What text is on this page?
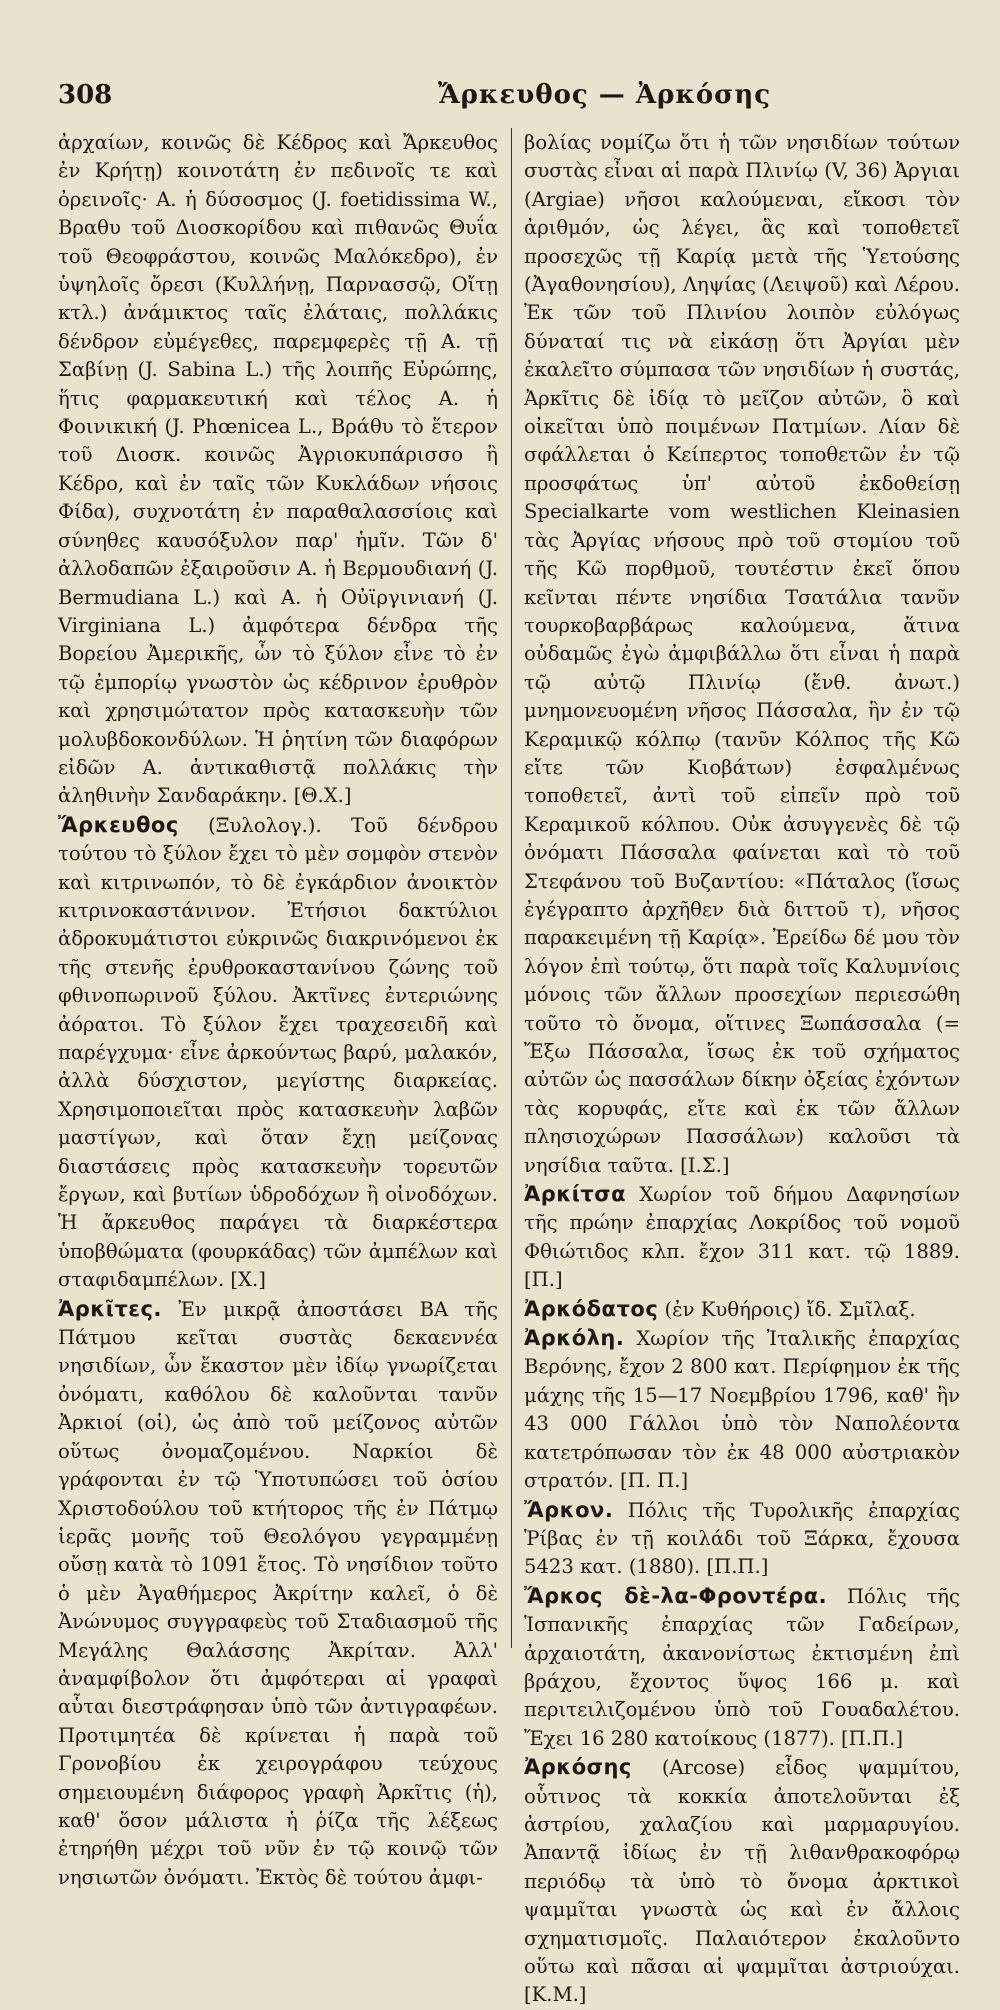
308	Ἄρκευθος — Ἀρκόσης

ἀρχαίων, κοινῶς δὲ Κέδρος καὶ Ἄρκευθος ἐν Κρήτῃ) κοινοτάτη ἐν πεδινοῖς τε καὶ ὀρεινοῖς· Α. ἡ δύσοσμος (J. foetidissima W., Βραθυ τοῦ Διοσκορίδου καὶ πιθανῶς Θυΐα τοῦ Θεοφράστου, κοινῶς Μαλόκεδρο), ἐν ὑψηλοῖς ὄρεσι (Κυλλήνῃ, Παρνασσῷ, Οἴτῃ κτλ.) ἀνάμικτος ταῖς ἐλάταις, πολλάκις δένδρον εὐμέγεθες, παρεμφερὲς τῇ Α. τῇ Σαβίνῃ (J. Sabina L.) τῆς λοιπῆς Εὐρώπης, ἥτις φαρμακευτική καὶ τέλος Α. ἡ Φοινικική (J. Phœnicea L., Βράθυ τὸ ἕτερον τοῦ Διοσκ. κοινῶς Ἀγριοκυπάρισσο ἢ Κέδρο, καὶ ἐν ταῖς τῶν Κυκλάδων νήσοις Φίδα), συχνοτάτη ἐν παραθαλασσίοις καὶ σύνηθες καυσόξυλον παρ' ἡμῖν. Τῶν δ' ἀλλοδαπῶν ἐξαιροῦσιν Α. ἡ Βερμουδιανή (J. Bermudiana L.) καὶ Α. ἡ Οὐϊργινιανή (J. Virginiana L.) ἀμφότερα δένδρα τῆς Βορείου Ἀμερικῆς, ὧν τὸ ξύλον εἶνε τὸ ἐν τῷ ἐμπορίῳ γνωστὸν ὡς κέδρινον ἐρυθρὸν καὶ χρησιμώτατον πρὸς κατασκευὴν τῶν μολυβδοκονδύλων. Ἡ ῥητίνη τῶν διαφόρων εἰδῶν Α. ἀντικαθιστᾷ πολλάκις τὴν ἀληθινὴν Σανδαράκην. [Θ.Χ.]

Ἄρκευθος (Ξυλολογ.). Τοῦ δένδρου τούτου τὸ ξύλον ἔχει τὸ μὲν σομφὸν στενὸν καὶ κιτρινωπόν, τὸ δὲ ἐγκάρδιον ἀνοικτὸν κιτρινοκαστάνινον. Ἐτήσιοι δακτύλιοι ἀδροκυμάτιστοι εὐκρινῶς διακρινόμενοι ἐκ τῆς στενῆς ἐρυθροκαστανίνου ζώνης τοῦ φθινοπωρινοῦ ξύλου. Ἀκτῖνες ἐντεριώνης ἀόρατοι. Τὸ ξύλον ἔχει τραχεσειδῆ καὶ παρέγχυμα· εἶνε ἀρκούντως βαρύ, μαλακόν, ἀλλὰ δύσχιστον, μεγίστης διαρκείας. Χρησιμοποιεῖται πρὸς κατασκευὴν λαβῶν μαστίγων, καὶ ὅταν ἔχῃ μείζονας διαστάσεις πρὸς κατασκευὴν τορευτῶν ἔργων, καὶ βυτίων ὑδροδόχων ἢ οἰνοδόχων. Ἡ ἄρκευθος παράγει τὰ διαρκέστερα ὑποβθώματα (φουρκάδας) τῶν ἀμπέλων καὶ σταφιδαμπέλων. [Χ.]

Ἀρκῖτες. Ἐν μικρᾷ ἀποστάσει ΒΑ τῆς Πάτμου κεῖται συστὰς δεκαεννέα νησιδίων, ὧν ἕκαστον μὲν ἰδίῳ γνωρίζεται ὀνόματι, καθόλου δὲ καλοῦνται τανῦν Ἀρκιοί (οἱ), ὡς ἀπὸ τοῦ μείζονος αὐτῶν οὕτως ὀνομαζομένου. Ναρκίοι δὲ γράφονται ἐν τῷ Ὑποτυπώσει τοῦ ὁσίου Χριστοδούλου τοῦ κτήτορος τῆς ἐν Πάτμῳ ἱερᾶς μονῆς τοῦ Θεολόγου γεγραμμένῃ οὔσῃ κατὰ τὸ 1091 ἔτος. Τὸ νησίδιον τοῦτο ὁ μὲν Ἀγαθήμερος Ἀκρίτην καλεῖ, ὁ δὲ Ἀνώνυμος συγγραφεὺς τοῦ Σταδιασμοῦ τῆς Μεγάλης Θαλάσσης Ἀκρίταν. Ἀλλ' ἀναμφίβολον ὅτι ἀμφότεραι αἱ γραφαὶ αὗται διεστράφησαν ὑπὸ τῶν ἀντιγραφέων. Προτιμητέα δὲ κρίνεται ἡ παρὰ τοῦ Γρονοβίου ἐκ χειρογράφου τεύχους σημειουμένη διάφορος γραφὴ Ἀρκῖτις (ἡ), καθ' ὅσον μάλιστα ἡ ῥίζα τῆς λέξεως ἐτηρήθη μέχρι τοῦ νῦν ἐν τῷ κοινῷ τῶν νησιωτῶν ὀνόματι. Ἐκτὸς δὲ τούτου ἀμφι-

βολίας νομίζω ὅτι ἡ τῶν νησιδίων τούτων συστὰς εἶναι αἱ παρὰ Πλινίῳ (V, 36) Ἀργιαι (Argiae) νῆσοι καλούμεναι, εἴκοσι τὸν ἀριθμόν, ὡς λέγει, ἃς καὶ τοποθετεῖ προσεχῶς τῇ Καρίᾳ μετὰ τῆς Ὑετούσης (Ἀγαθονησίου), Ληψίας (Λειψοῦ) καὶ Λέρου. Ἐκ τῶν τοῦ Πλινίου λοιπὸν εὐλόγως δύναταί τις νὰ εἰκάσῃ ὅτι Ἀργίαι μὲν ἐκαλεῖτο σύμπασα τῶν νησιδίων ἡ συστάς, Ἀρκῖτις δὲ ἰδίᾳ τὸ μεῖζον αὐτῶν, ὃ καὶ οἰκεῖται ὑπὸ ποιμένων Πατμίων. Λίαν δὲ σφάλλεται ὁ Κείπερτος τοποθετῶν ἐν τῷ προσφάτως ὑπ' αὐτοῦ ἐκδοθείσῃ Specialkarte vom westlichen Kleinasien τὰς Ἀργίας νήσους πρὸ τοῦ στομίου τοῦ τῆς Κῶ πορθμοῦ, τουτέστιν ἐκεῖ ὅπου κεῖνται πέντε νησίδια Τσατάλια τανῦν τουρκοβαρβάρως καλούμενα, ἅτινα οὐδαμῶς ἐγὼ ἀμφιβάλλω ὅτι εἶναι ἡ παρὰ τῷ αὐτῷ Πλινίῳ (ἔνθ. ἀνωτ.) μνημονευομένη νῆσος Πάσσαλα, ἣν ἐν τῷ Κεραμικῷ κόλπῳ (τανῦν Κόλπος τῆς Κῶ εἴτε τῶν Κιοβάτων) ἐσφαλμένως τοποθετεῖ, ἀντὶ τοῦ εἰπεῖν πρὸ τοῦ Κεραμικοῦ κόλπου. Οὐκ ἀσυγγενὲς δὲ τῷ ὀνόματι Πάσσαλα φαίνεται καὶ τὸ τοῦ Στεφάνου τοῦ Βυζαντίου: «Πάταλος (ἴσως ἐγέγραπτο ἀρχῆθεν διὰ διττοῦ τ), νῆσος παρακειμένη τῇ Καρίᾳ». Ἐρείδω δέ μου τὸν λόγον ἐπὶ τούτῳ, ὅτι παρὰ τοῖς Καλυμνίοις μόνοις τῶν ἄλλων προσεχίων περιεσώθη τοῦτο τὸ ὄνομα, οἵτινες Ξωπάσσαλα (= Ἔξω Πάσσαλα, ἴσως ἐκ τοῦ σχήματος αὐτῶν ὡς πασσάλων δίκην ὀξείας ἐχόντων τὰς κορυφάς, εἴτε καὶ ἐκ τῶν ἄλλων πλησιοχώρων Πασσάλων) καλοῦσι τὰ νησίδια ταῦτα. [Ι.Σ.]

Ἀρκίτσα Χωρίον τοῦ δήμου Δαφνησίων τῆς πρώην ἐπαρχίας Λοκρίδος τοῦ νομοῦ Φθιώτιδος κλπ. ἔχον 311 κατ. τῷ 1889. [Π.]

Ἀρκόδατος (ἐν Κυθήροις) ἴδ. Σμῖλαξ.

Ἀρκόλη. Χωρίον τῆς Ἰταλικῆς ἐπαρχίας Βερόνης, ἔχον 2 800 κατ. Περίφημον ἐκ τῆς μάχης τῆς 15—17 Νοεμβρίου 1796, καθ' ἣν 43 000 Γάλλοι ὑπὸ τὸν Ναπολέοντα κατετρόπωσαν τὸν ἐκ 48 000 αὐστριακὸν στρατόν. [Π. Π.]

Ἄρκον. Πόλις τῆς Τυρολικῆς ἐπαρχίας Ῥίβας ἐν τῇ κοιλάδι τοῦ Ξάρκα, ἔχουσα 5423 κατ. (1880). [Π.Π.]

Ἄρκος δὲ-λα-Φροντέρα. Πόλις τῆς Ἱσπανικῆς ἐπαρχίας τῶν Γαδείρων, ἀρχαιοτάτη, ἀκανονίστως ἐκτισμένη ἐπὶ βράχου, ἔχοντος ὕψος 166 μ. καὶ περιτειλιζομένου ὑπὸ τοῦ Γουαδαλέτου. Ἔχει 16 280 κατοίκους (1877). [Π.Π.]

Ἀρκόσης (Arcose) εἶδος ψαμμίτου, οὗτινος τὰ κοκκία ἀποτελοῦνται ἐξ ἀστρίου, χαλαζίου καὶ μαρμαρυγίου. Ἀπαντᾷ ἰδίως ἐν τῇ λιθανθρακοφόρῳ περιόδῳ τὰ ὑπὸ τὸ ὄνομα ἀρκτικοὶ ψαμμῖται γνωστὰ ὡς καὶ ἐν ἄλλοις σχηματισμοῖς. Παλαιότερον ἐκαλοῦντο οὕτω καὶ πᾶσαι αἱ ψαμμῖται ἀστριούχαι. [Κ.Μ.]
